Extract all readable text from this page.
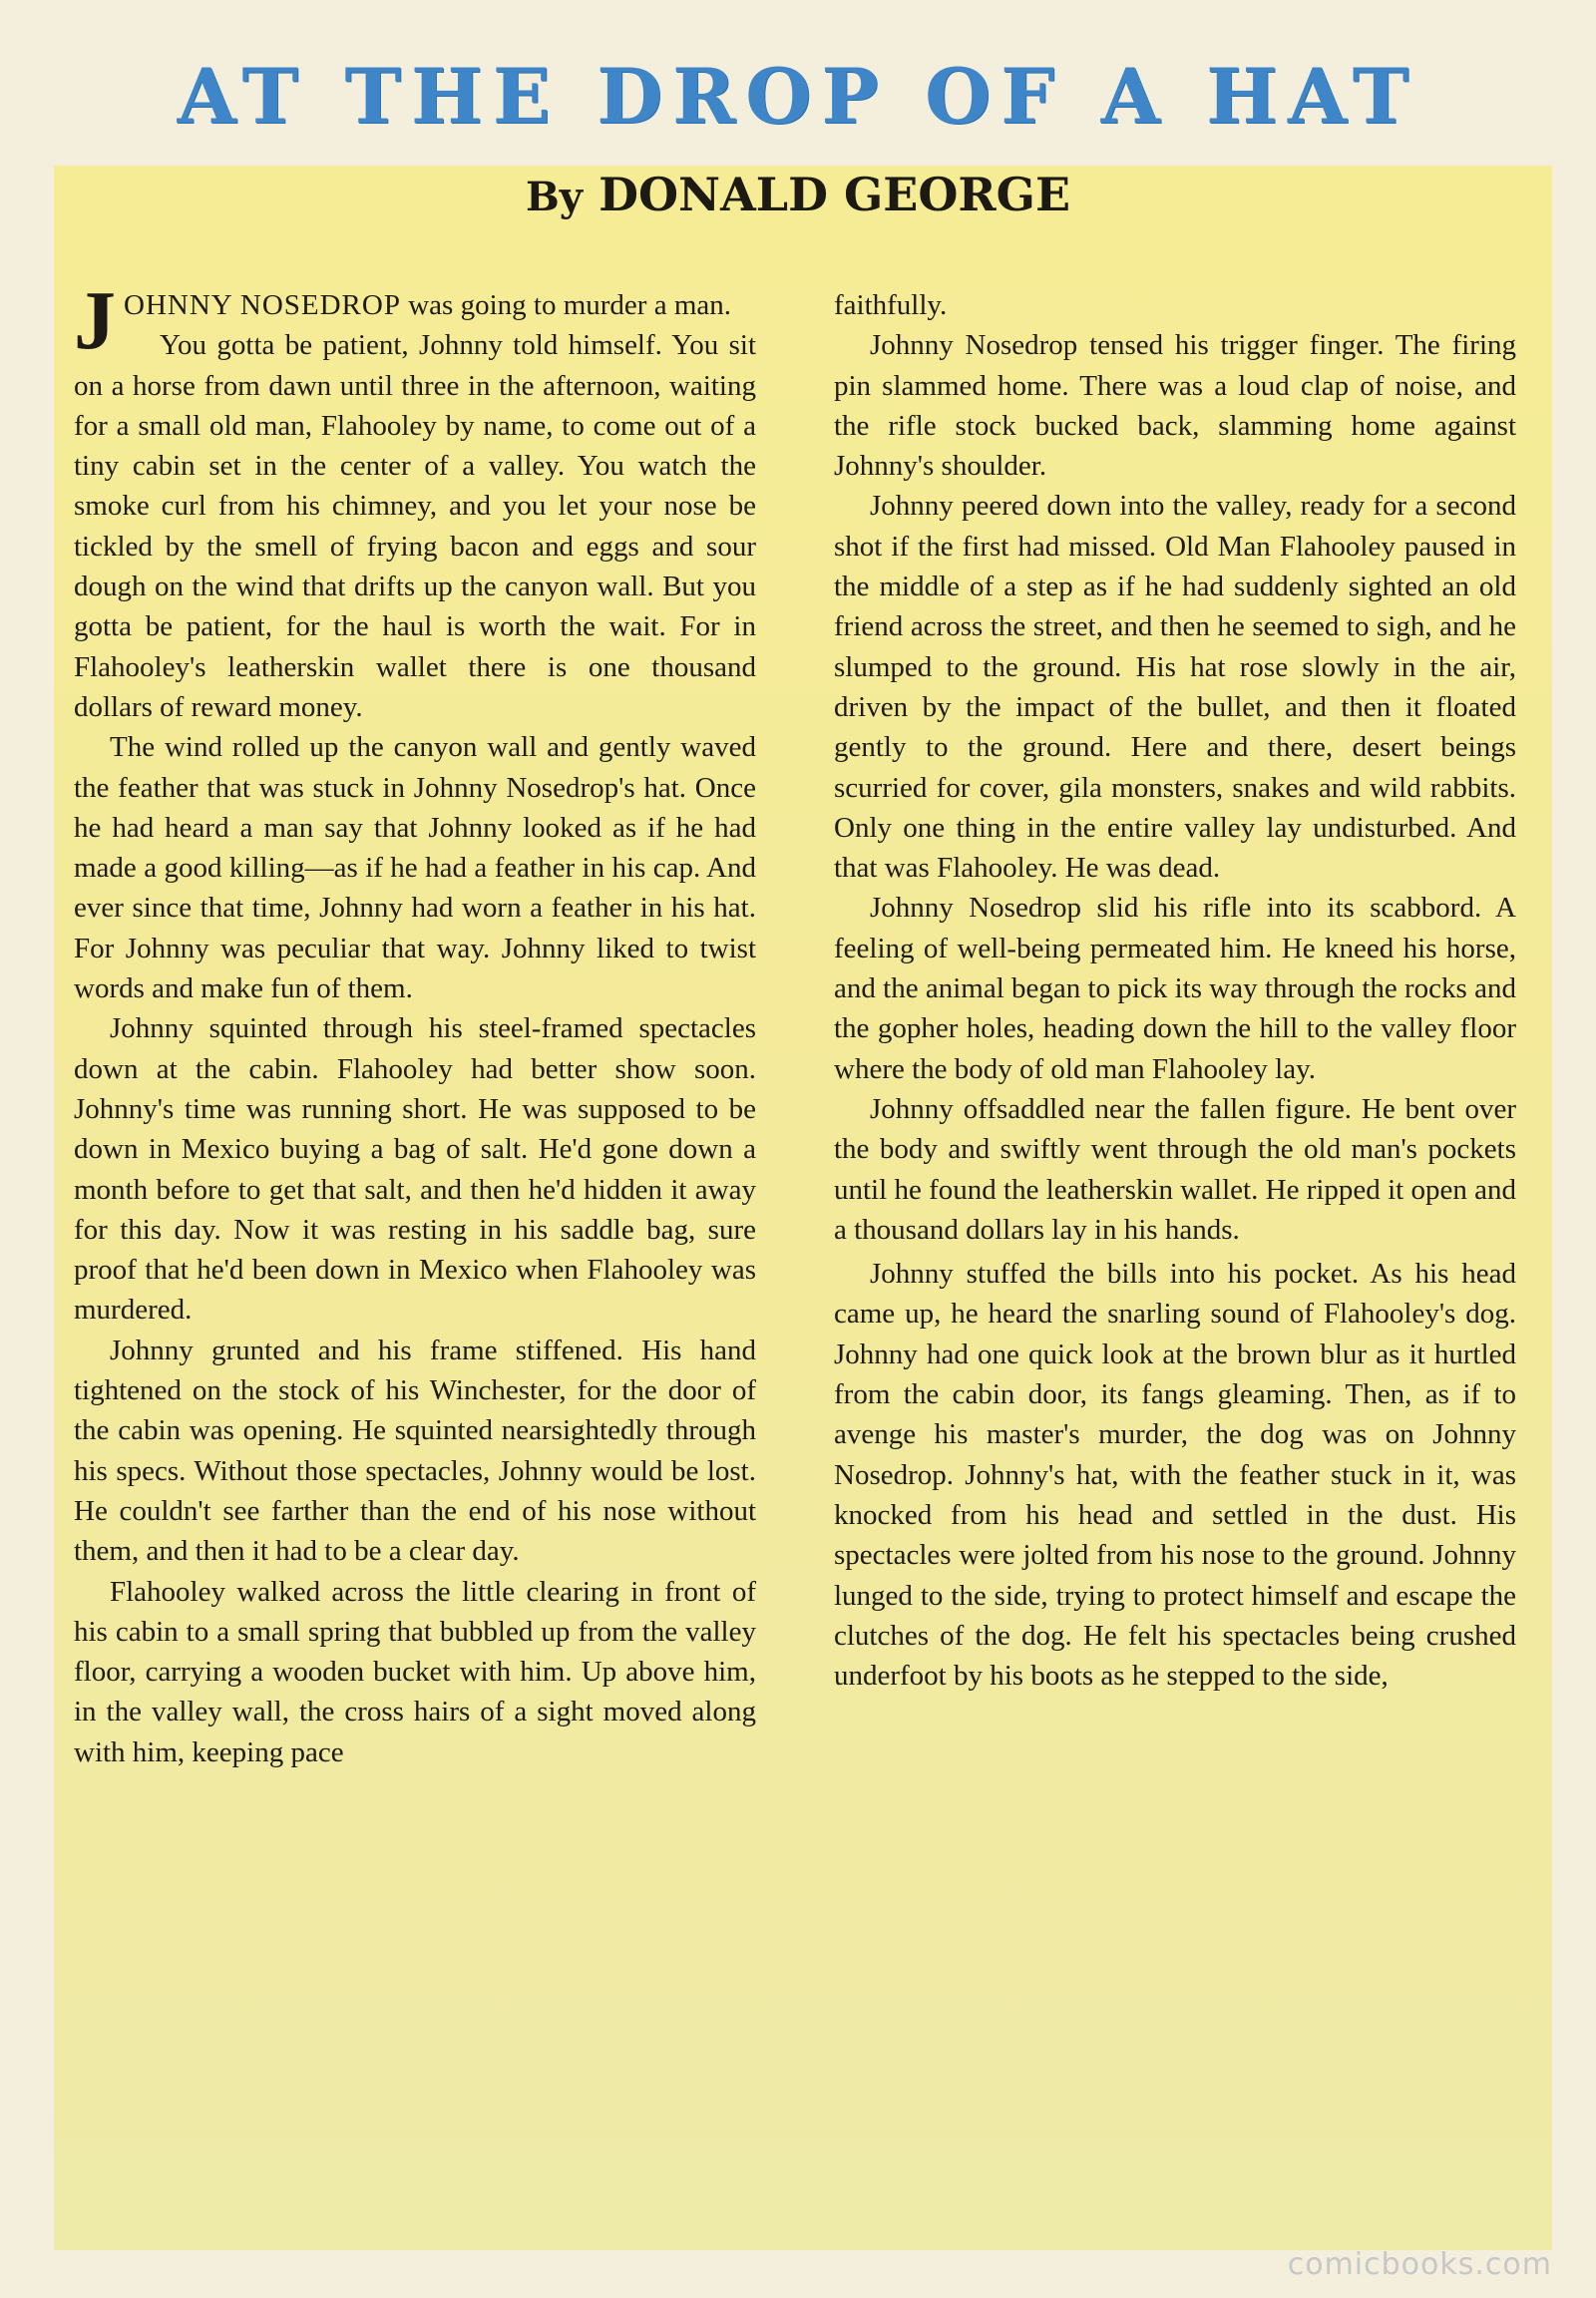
AT THE DROP OF A HAT
By DONALD GEORGE

JOHNNY NOSEDROP was going to murder a man.

You gotta be patient, Johnny told himself. You sit on a horse from dawn until three in the afternoon, waiting for a small old man, Flahooley by name, to come out of a tiny cabin set in the center of a valley. You watch the smoke curl from his chimney, and you let your nose be tickled by the smell of frying bacon and eggs and sour dough on the wind that drifts up the canyon wall. But you gotta be patient, for the haul is worth the wait. For in Flahooley's leatherskin wallet there is one thousand dollars of reward money.

The wind rolled up the canyon wall and gently waved the feather that was stuck in Johnny Nosedrop's hat. Once he had heard a man say that Johnny looked as if he had made a good killing—as if he had a feather in his cap. And ever since that time, Johnny had worn a feather in his hat. For Johnny was peculiar that way. Johnny liked to twist words and make fun of them.

Johnny squinted through his steel-framed spectacles down at the cabin. Flahooley had better show soon. Johnny's time was running short. He was supposed to be down in Mexico buying a bag of salt. He'd gone down a month before to get that salt, and then he'd hidden it away for this day. Now it was resting in his saddle bag, sure proof that he'd been down in Mexico when Flahooley was murdered.

Johnny grunted and his frame stiffened. His hand tightened on the stock of his Winchester, for the door of the cabin was opening. He squinted nearsightedly through his specs. Without those spectacles, Johnny would be lost. He couldn't see farther than the end of his nose without them, and then it had to be a clear day.

Flahooley walked across the little clearing in front of his cabin to a small spring that bubbled up from the valley floor, carrying a wooden bucket with him. Up above him, in the valley wall, the cross hairs of a sight moved along with him, keeping pace

faithfully.

Johnny Nosedrop tensed his trigger finger. The firing pin slammed home. There was a loud clap of noise, and the rifle stock bucked back, slamming home against Johnny's shoulder.

Johnny peered down into the valley, ready for a second shot if the first had missed. Old Man Flahooley paused in the middle of a step as if he had suddenly sighted an old friend across the street, and then he seemed to sigh, and he slumped to the ground. His hat rose slowly in the air, driven by the impact of the bullet, and then it floated gently to the ground. Here and there, desert beings scurried for cover, gila monsters, snakes and wild rabbits. Only one thing in the entire valley lay undisturbed. And that was Flahooley. He was dead.

Johnny Nosedrop slid his rifle into its scabbord. A feeling of well-being permeated him. He kneed his horse, and the animal began to pick its way through the rocks and the gopher holes, heading down the hill to the valley floor where the body of old man Flahooley lay.

Johnny offsaddled near the fallen figure. He bent over the body and swiftly went through the old man's pockets until he found the leatherskin wallet. He ripped it open and a thousand dollars lay in his hands.

Johnny stuffed the bills into his pocket. As his head came up, he heard the snarling sound of Flahooley's dog. Johnny had one quick look at the brown blur as it hurtled from the cabin door, its fangs gleaming. Then, as if to avenge his master's murder, the dog was on Johnny Nosedrop. Johnny's hat, with the feather stuck in it, was knocked from his head and settled in the dust. His spectacles were jolted from his nose to the ground. Johnny lunged to the side, trying to protect himself and escape the clutches of the dog. He felt his spectacles being crushed underfoot by his boots as he stepped to the side,

comicbooks.com
